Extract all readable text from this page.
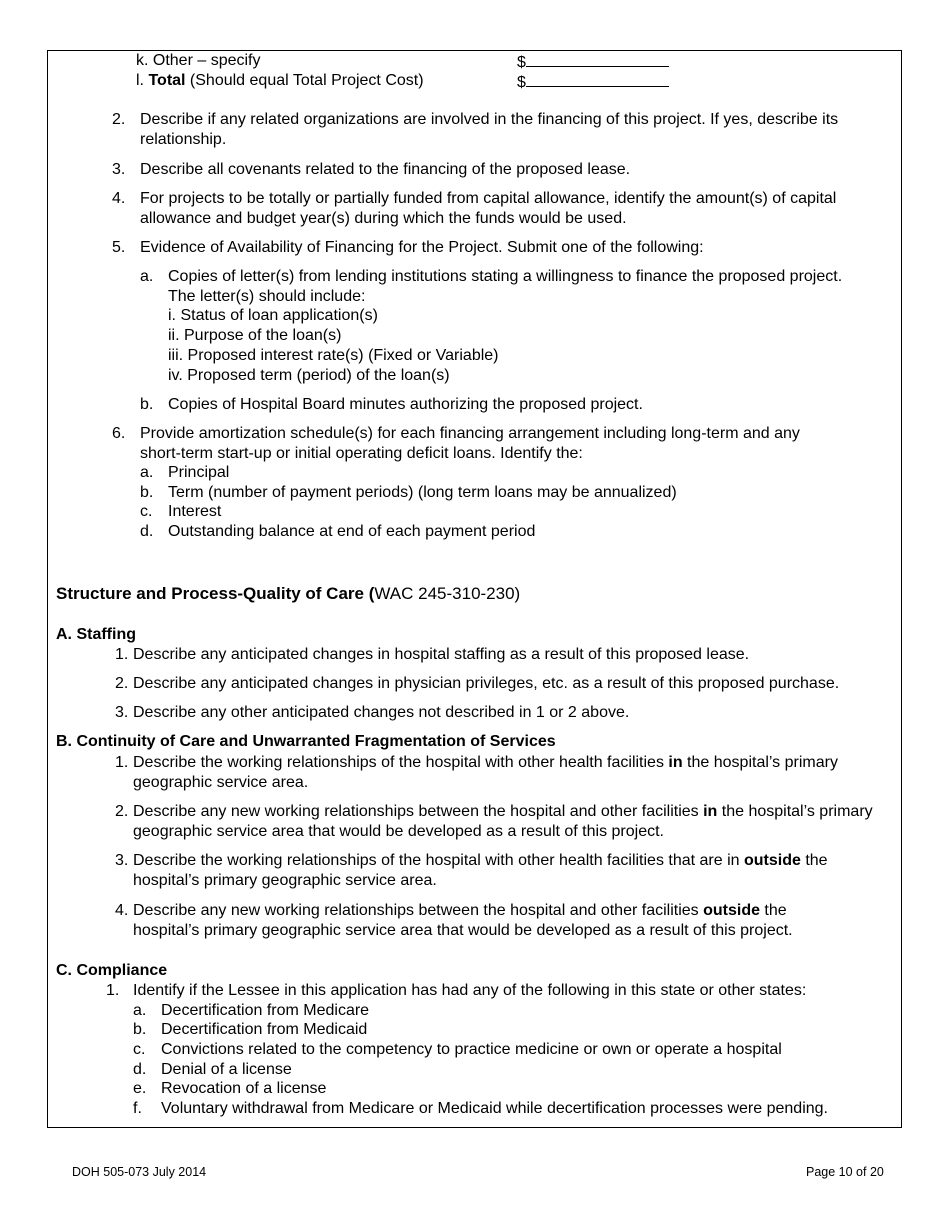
k. Other – specify	$
l. Total (Should equal Total Project Cost)	$
2. Describe if any related organizations are involved in the financing of this project. If yes, describe its relationship.
3. Describe all covenants related to the financing of the proposed lease.
4. For projects to be totally or partially funded from capital allowance, identify the amount(s) of capital allowance and budget year(s) during which the funds would be used.
5. Evidence of Availability of Financing for the Project. Submit one of the following:
a. Copies of letter(s) from lending institutions stating a willingness to finance the proposed project.
The letter(s) should include:
i. Status of loan application(s)
ii. Purpose of the loan(s)
iii. Proposed interest rate(s) (Fixed or Variable)
iv. Proposed term (period) of the loan(s)
b. Copies of Hospital Board minutes authorizing the proposed project.
6. Provide amortization schedule(s) for each financing arrangement including long-term and any
short-term start-up or initial operating deficit loans. Identify the:
a. Principal
b. Term (number of payment periods) (long term loans may be annualized)
c. Interest
d. Outstanding balance at end of each payment period
Structure and Process-Quality of Care (WAC 245-310-230)
A. Staffing
1. Describe any anticipated changes in hospital staffing as a result of this proposed lease.
2. Describe any anticipated changes in physician privileges, etc. as a result of this proposed purchase.
3. Describe any other anticipated changes not described in 1 or 2 above.
B. Continuity of Care and Unwarranted Fragmentation of Services
1. Describe the working relationships of the hospital with other health facilities in the hospital’s primary geographic service area.
2. Describe any new working relationships between the hospital and other facilities in the hospital’s primary geographic service area that would be developed as a result of this project.
3. Describe the working relationships of the hospital with other health facilities that are in outside the hospital’s primary geographic service area.
4. Describe any new working relationships between the hospital and other facilities outside the hospital’s primary geographic service area that would be developed as a result of this project.
C. Compliance
1. Identify if the Lessee in this application has had any of the following in this state or other states:
a. Decertification from Medicare
b. Decertification from Medicaid
c. Convictions related to the competency to practice medicine or own or operate a hospital
d. Denial of a license
e. Revocation of a license
f. Voluntary withdrawal from Medicare or Medicaid while decertification processes were pending.
DOH 505-073 July 2014	Page 10 of 20
